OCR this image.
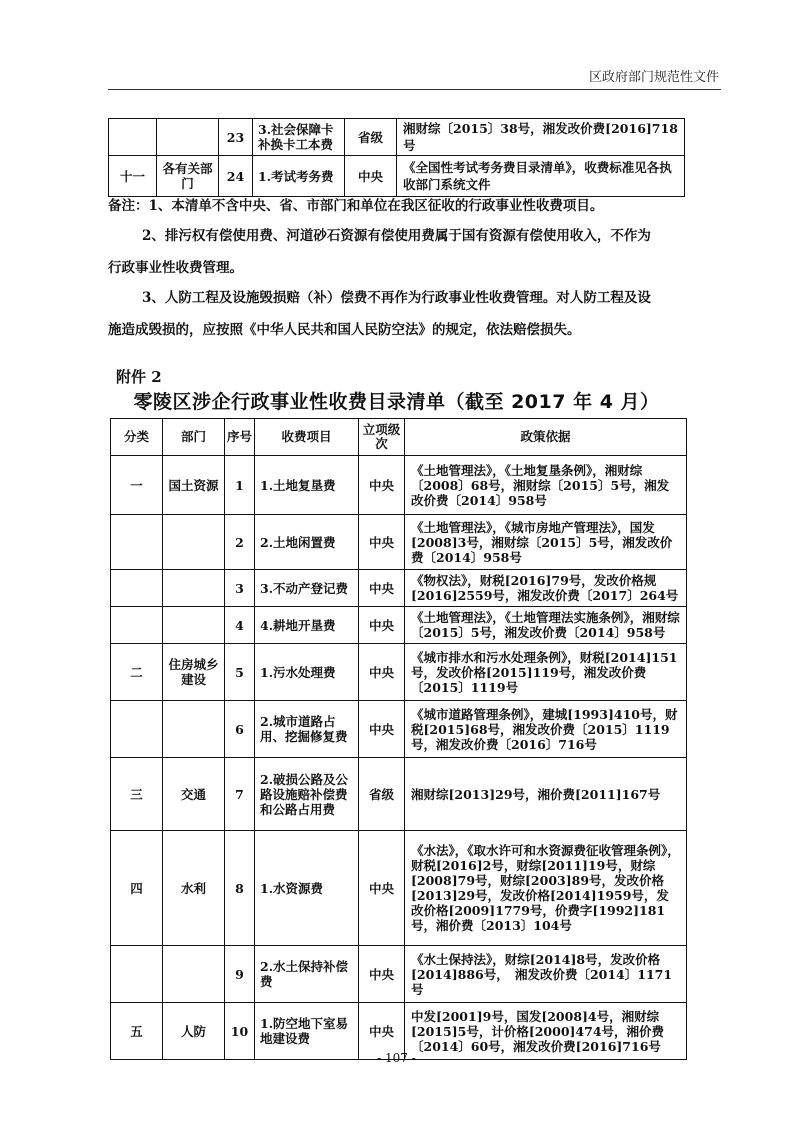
区政府部门规范性文件
		23	3.社会保障卡补换卡工本费	省级	湘财综〔2015〕38号，湘发改价费[2016]718号
十一	各有关部门	24	1.考试考务费	中央	《全国性考试考务费目录清单》，收费标准见各执收部门系统文件
备注：1、本清单不含中央、省、市部门和单位在我区征收的行政事业性收费项目。
2、排污权有偿使用费、河道砂石资源有偿使用费属于国有资源有偿使用收入，不作为
行政事业性收费管理。
3、人防工程及设施毁损赔（补）偿费不再作为行政事业性收费管理。对人防工程及设
施造成毁损的，应按照《中华人民共和国人民防空法》的规定，依法赔偿损失。
附件 2
零陵区涉企行政事业性收费目录清单（截至 2017 年 4 月）
分类	部门	序号	收费项目	立项级次	政策依据
一	国土资源	1	1.土地复垦费	中央	《土地管理法》，《土地复垦条例》，湘财综〔2008〕68号，湘财综〔2015〕5号，湘发改价费〔2014〕958号
		2	2.土地闲置费	中央	《土地管理法》，《城市房地产管理法》，国发[2008]3号，湘财综〔2015〕5号，湘发改价费〔2014〕958号
		3	3.不动产登记费	中央	《物权法》，财税[2016]79号，发改价格规[2016]2559号，湘发改价费〔2017〕264号
		4	4.耕地开垦费	中央	《土地管理法》，《土地管理法实施条例》，湘财综〔2015〕5号，湘发改价费〔2014〕958号
二	住房城乡建设	5	1.污水处理费	中央	《城市排水和污水处理条例》，财税[2014]151号，发改价格[2015]119号，湘发改价费〔2015〕1119号
		6	2.城市道路占用、挖掘修复费	中央	《城市道路管理条例》，建城[1993]410号，财税[2015]68号，湘发改价费〔2015〕1119号，湘发改价费〔2016〕716号
三	交通	7	2.破损公路及公路设施赔补偿费和公路占用费	省级	湘财综[2013]29号，湘价费[2011]167号
四	水利	8	1.水资源费	中央	《水法》，《取水许可和水资源费征收管理条例》，财税[2016]2号，财综[2011]19号，财综[2008]79号，财综[2003]89号，发改价格[2013]29号，发改价格[2014]1959号，发改价格[2009]1779号，价费字[1992]181号，湘价费〔2013〕104号
		9	2.水土保持补偿费	中央	《水土保持法》，财综[2014]8号，发改价格[2014]886号，　湘发改价费〔2014〕1171号
五	人防	10	1.防空地下室易地建设费	中央	中发[2001]9号，国发[2008]4号，湘财综[2015]5号，计价格[2000]474号，湘价费〔2014〕60号，湘发改价费[2016]716号
- 107 -
